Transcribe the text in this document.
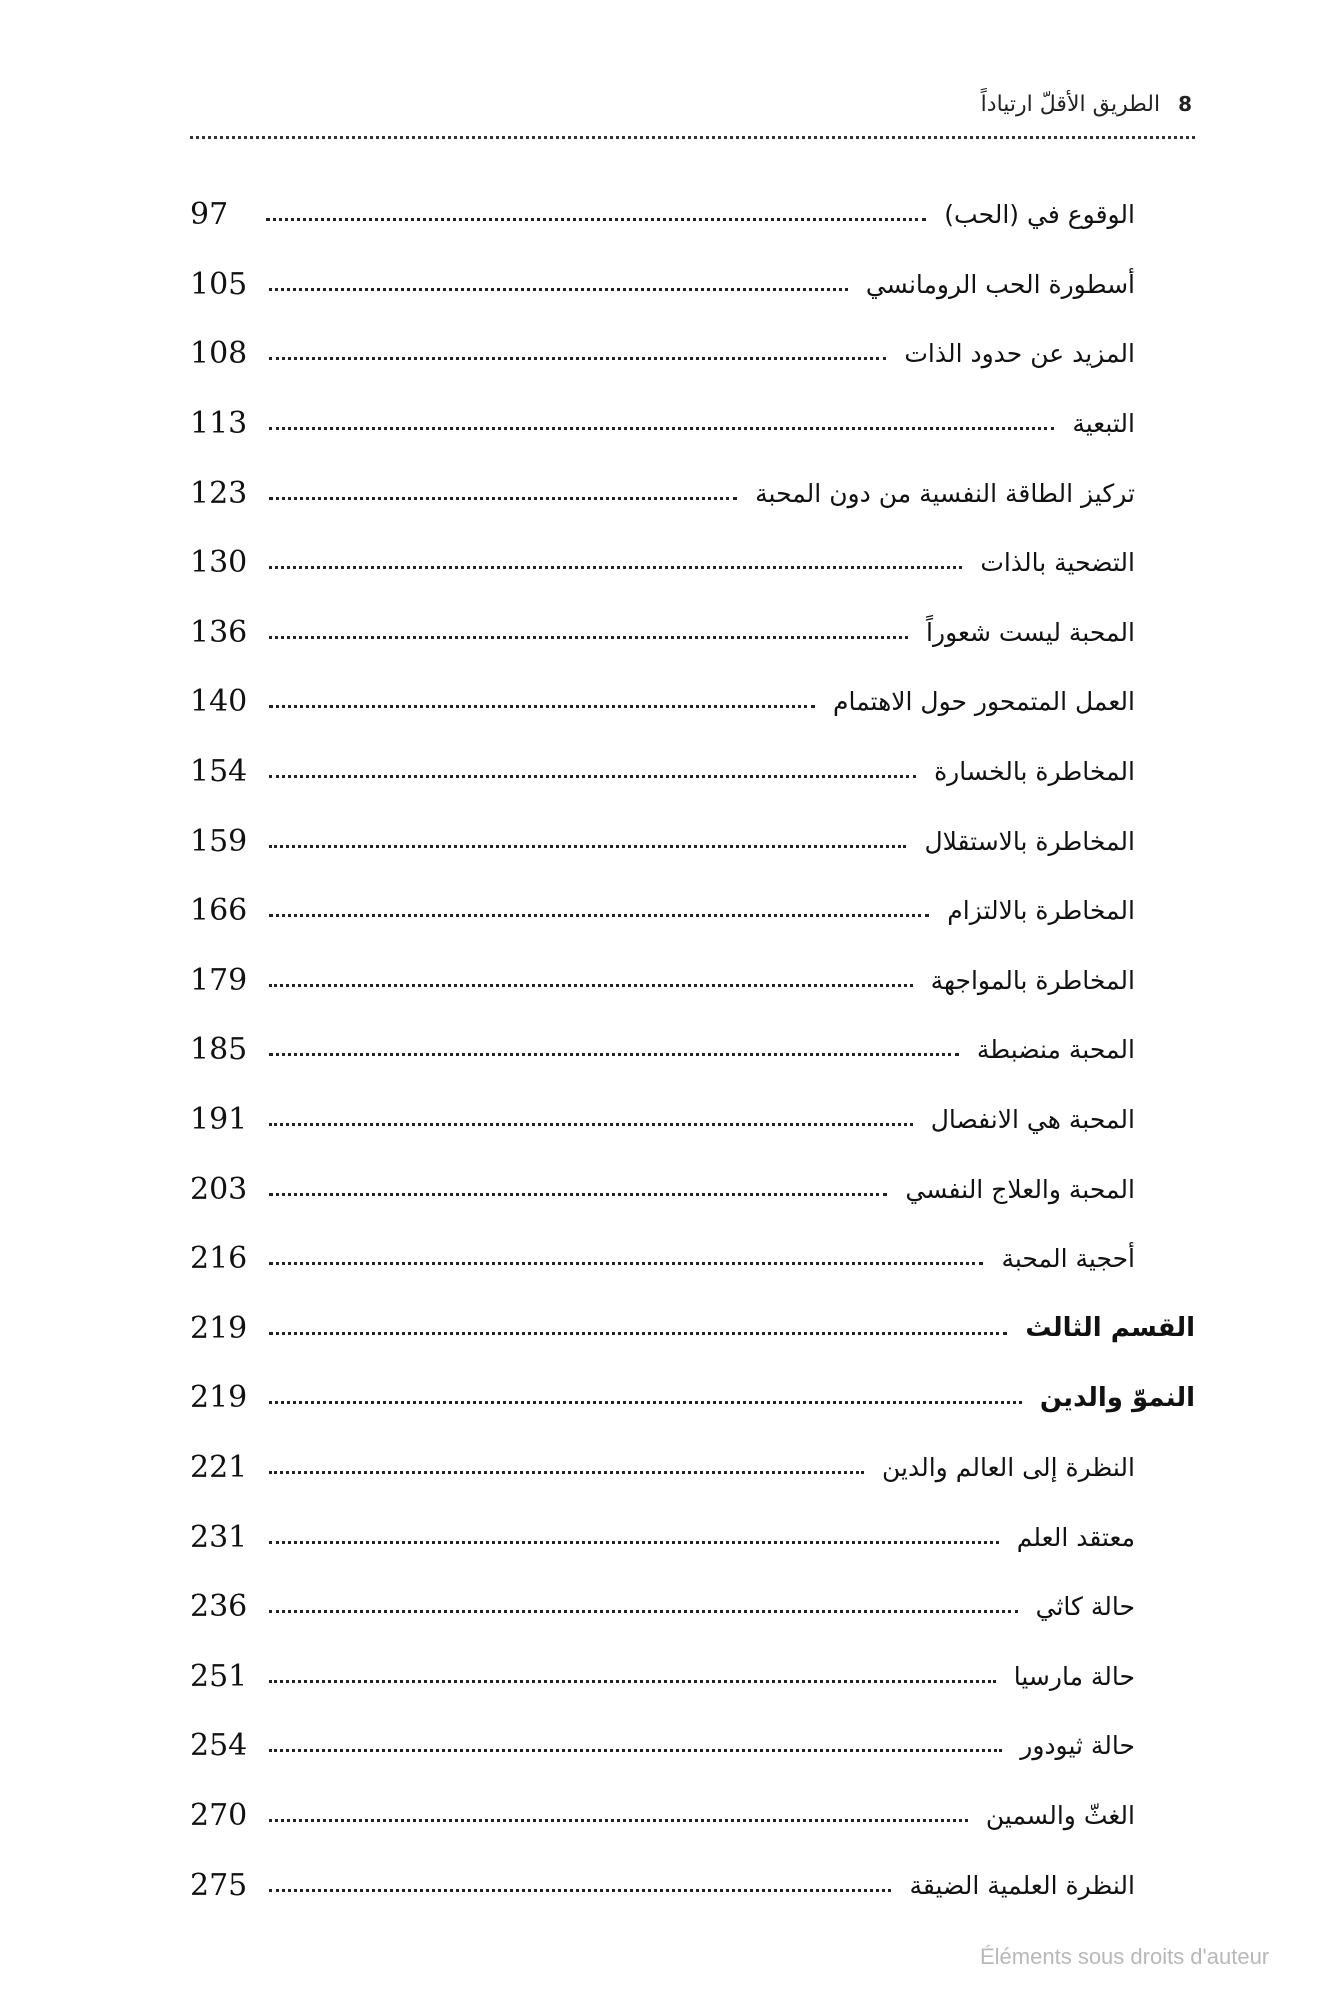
8
الطريق الأقلّ ارتياداً
الوقوع في (الحب)
97
أسطورة الحب الرومانسي
105
المزيد عن حدود الذات
108
التبعية
113
تركيز الطاقة النفسية من دون المحبة
123
التضحية بالذات
130
المحبة ليست شعوراً
136
العمل المتمحور حول الاهتمام
140
المخاطرة بالخسارة
154
المخاطرة بالاستقلال
159
المخاطرة بالالتزام
166
المخاطرة بالمواجهة
179
المحبة منضبطة
185
المحبة هي الانفصال
191
المحبة والعلاج النفسي
203
أحجية المحبة
216
القسم الثالث
219
النموّ والدين
219
النظرة إلى العالم والدين
221
معتقد العلم
231
حالة كاثي
236
حالة مارسيا
251
حالة ثيودور
254
الغثّ والسمين
270
النظرة العلمية الضيقة
275
Éléments sous droits d'auteur
